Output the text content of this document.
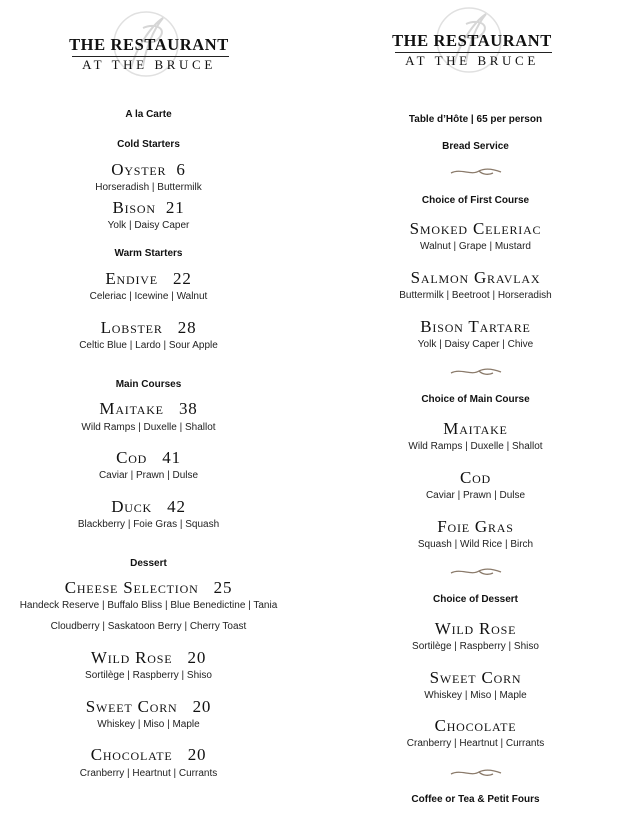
THE RESTAURANT
AT THE BRUCE
A la Carte
Cold Starters
Oyster  6
Horseradish | Buttermilk
Bison  21
Yolk | Daisy Caper
Warm Starters
Endive   22
Celeriac | Icewine | Walnut
Lobster   28
Celtic Blue | Lardo | Sour Apple
Main Courses
Maitake   38
Wild Ramps | Duxelle | Shallot
Cod   41
Caviar | Prawn | Dulse
Duck   42
Blackberry | Foie Gras | Squash
Dessert
Cheese Selection   25
Handeck Reserve | Buffalo Bliss | Blue Benedictine | Tania
Cloudberry | Saskatoon Berry | Cherry Toast
Wild Rose   20
Sortilège | Raspberry | Shiso
Sweet Corn   20
Whiskey | Miso | Maple
Chocolate   20
Cranberry | Heartnut | Currants
THE RESTAURANT
AT THE BRUCE
Table d’Hôte | 65 per person
Bread Service
Choice of First Course
Smoked Celeriac
Walnut | Grape | Mustard
Salmon Gravlax
Buttermilk | Beetroot | Horseradish
Bison Tartare
Yolk | Daisy Caper | Chive
Choice of Main Course
Maitake
Wild Ramps | Duxelle | Shallot
Cod
Caviar | Prawn | Dulse
Foie Gras
Squash | Wild Rice | Birch
Choice of Dessert
Wild Rose
Sortilège | Raspberry | Shiso
Sweet Corn
Whiskey | Miso | Maple
Chocolate
Cranberry | Heartnut | Currants
Coffee or Tea & Petit Fours
